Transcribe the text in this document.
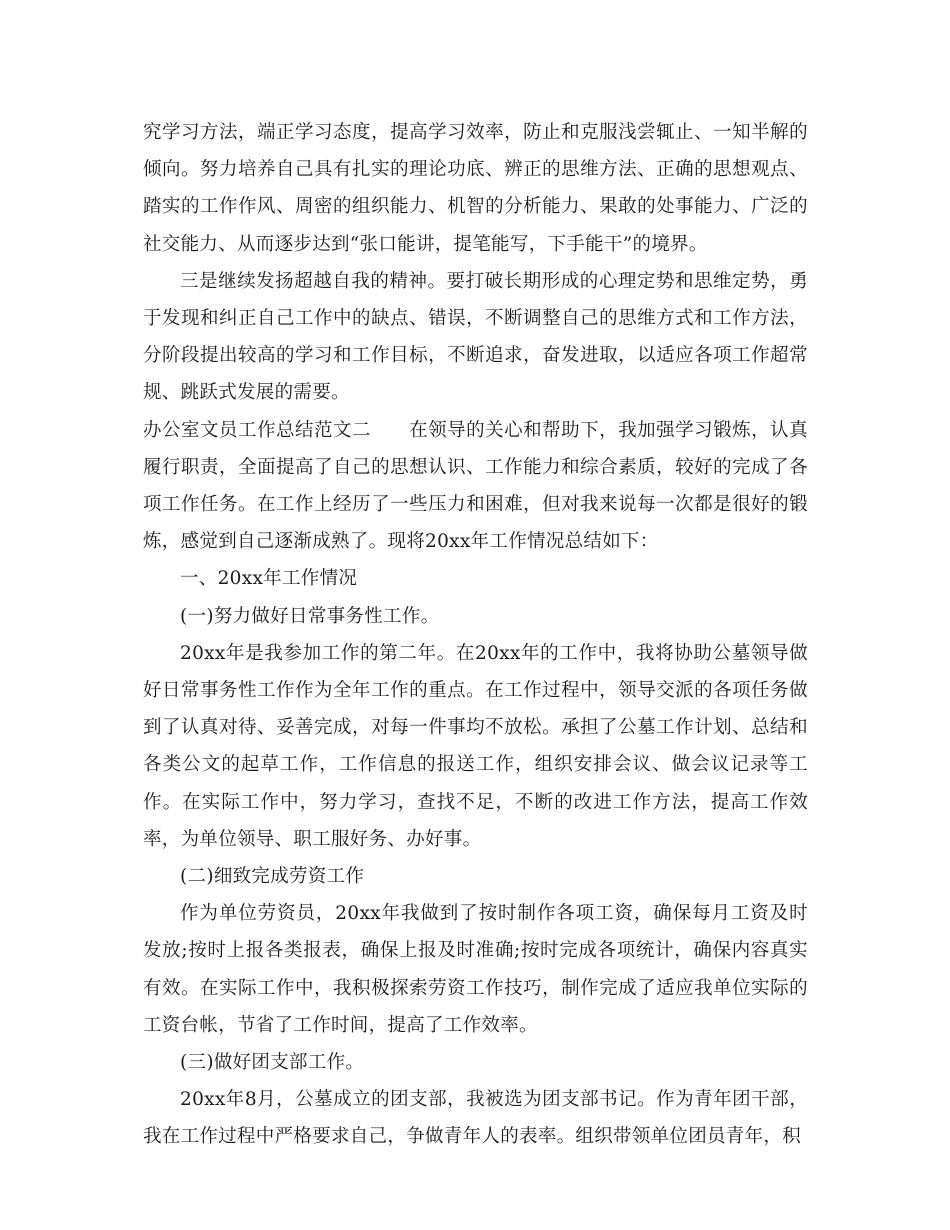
究学习方法，端正学习态度，提高学习效率，防止和克服浅尝辄止、一知半解的倾向。努力培养自己具有扎实的理论功底、辨正的思维方法、正确的思想观点、踏实的工作作风、周密的组织能力、机智的分析能力、果敢的处事能力、广泛的社交能力、从而逐步达到“张口能讲，提笔能写，下手能干”的境界。

三是继续发扬超越自我的精神。要打破长期形成的心理定势和思维定势，勇于发现和纠正自己工作中的缺点、错误，不断调整自己的思维方式和工作方法，分阶段提出较高的学习和工作目标，不断追求，奋发进取，以适应各项工作超常规、跳跃式发展的需要。

办公室文员工作总结范文二　　在领导的关心和帮助下，我加强学习锻炼，认真履行职责，全面提高了自己的思想认识、工作能力和综合素质，较好的完成了各项工作任务。在工作上经历了一些压力和困难，但对我来说每一次都是很好的锻炼，感觉到自己逐渐成熟了。现将20xx年工作情况总结如下：

一、20xx年工作情况

(一)努力做好日常事务性工作。

20xx年是我参加工作的第二年。在20xx年的工作中，我将协助公墓领导做好日常事务性工作作为全年工作的重点。在工作过程中，领导交派的各项任务做到了认真对待、妥善完成，对每一件事均不放松。承担了公墓工作计划、总结和各类公文的起草工作，工作信息的报送工作，组织安排会议、做会议记录等工作。在实际工作中，努力学习，查找不足，不断的改进工作方法，提高工作效率，为单位领导、职工服好务、办好事。

(二)细致完成劳资工作

作为单位劳资员，20xx年我做到了按时制作各项工资，确保每月工资及时发放;按时上报各类报表，确保上报及时准确;按时完成各项统计，确保内容真实有效。在实际工作中，我积极探索劳资工作技巧，制作完成了适应我单位实际的工资台帐，节省了工作时间，提高了工作效率。

(三)做好团支部工作。

20xx年8月，公墓成立的团支部，我被选为团支部书记。作为青年团干部，我在工作过程中严格要求自己，争做青年人的表率。组织带领单位团员青年，积
